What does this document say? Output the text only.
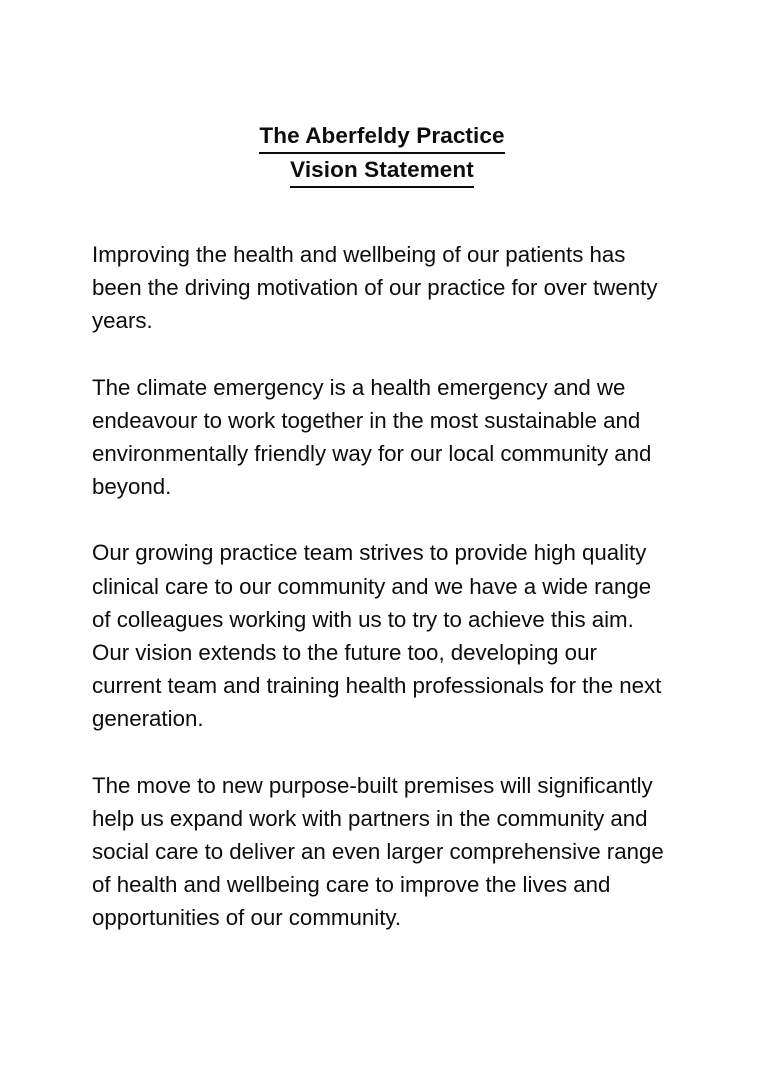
The Aberfeldy Practice
Vision Statement

Improving the health and wellbeing of our patients has been the driving motivation of our practice for over twenty years.

The climate emergency is a health emergency and we endeavour to work together in the most sustainable and environmentally friendly way for our local community and beyond.

Our growing practice team strives to provide high quality clinical care to our community and we have a wide range of colleagues working with us to try to achieve this aim. Our vision extends to the future too, developing our current team and training health professionals for the next generation.

The move to new purpose-built premises will significantly help us expand work with partners in the community and social care to deliver an even larger comprehensive range of health and wellbeing care to improve the lives and opportunities of our community.
